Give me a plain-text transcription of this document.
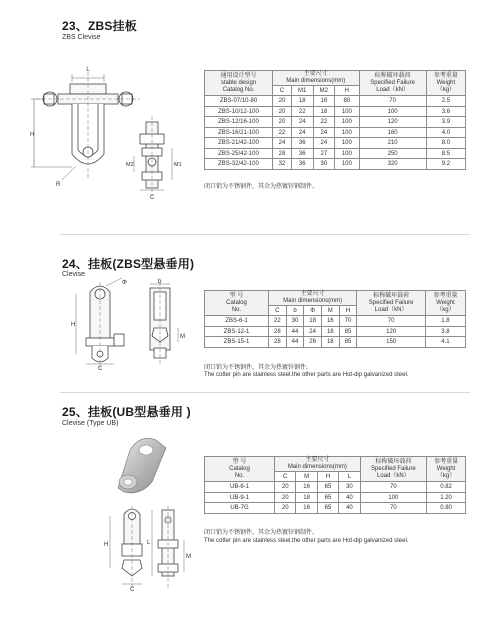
23、ZBS挂板
ZBS Clevise
L
H
R
M2	M1
C
通用设计型号
stable design
Catalog No.	主要尺寸
Main dimensions(mm)				标称破坏载荷
Specified Failure
Load（kN）	参考重量
Weight
（kg）
	C	M1	M2	H		
ZBS-07/10-80	20	18	16	80	70	2.5
ZBS-10/12-100	20	22	18	100	100	3.6
ZBS-12/16-100	20	24	22	100	120	3.9
ZBS-16/21-100	22	24	24	100	160	4.0
ZBS-21/42-100	24	36	24	100	210	8.0
ZBS-25/42-100	28	36	27	100	250	8.5
ZBS-32/42-100	32	36	30	100	320	9.2
闭口销为不锈钢件，其余为热镀锌钢制件。
24、挂板(ZBS型悬垂用)
Clevise
Φ
H
C
b
M
型 号
Catalog
No.	主要尺寸
Main dimensions(mm)					标称破坏载荷
Specified Failure
Load（kN）	参考重量
Weight
（kg）
	C	b	Φ	M	H		
ZBS-6-1	22	30	18	16	70	70	1.8
ZBS-12-1	28	44	24	18	85	120	3.8
ZBS-15-1	28	44	26	18	85	150	4.1
闭口销为不锈钢件，其余为热镀锌钢件。
The cotter pin are stainless steel.the other parts are Hot-dip galvanized steel.
25、挂板(UB型悬垂用 )
Clevise (Type UB)
H
C
L
M
型 号
Catalog
No.	主要尺寸
Main dimensions(mm)				标称破坏载荷
Specified Failure
Load（kN）	参考重量
Weight
（kg）
	C	M	H	L		
UB-6-1	20	16	65	30	70	0.82
UB-9-1	20	18	65	40	100	1.20
UB-7G	20	16	65	40	70	0.80
闭口销为不锈钢件，其余为热镀锌钢制件。
The cotter pin are stainless steel.the other parts are Hot-dip galvanized steel.
